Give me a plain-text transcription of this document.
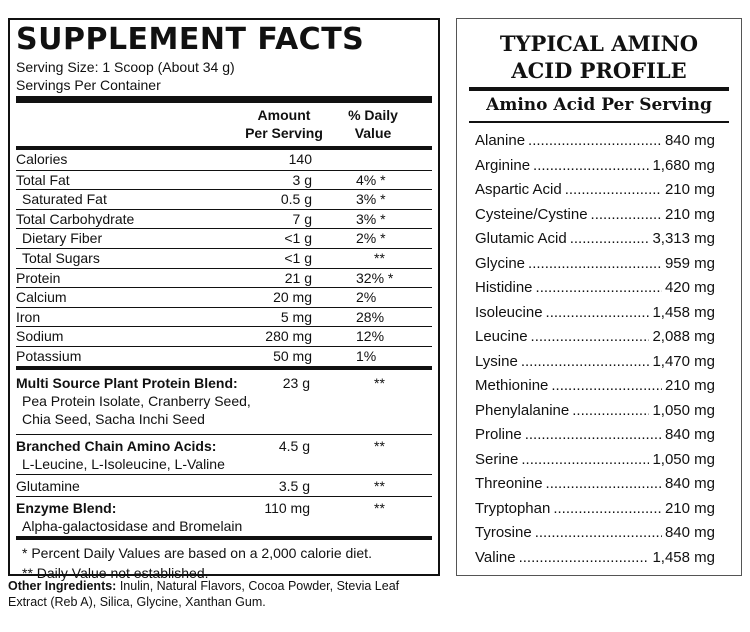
SUPPLEMENT FACTS
Serving Size: 1 Scoop (About 34 g)
Servings Per Container
Amount
Per Serving
% Daily
Value
Calories	140
Total Fat	3 g	4% *
Saturated Fat	0.5 g	3% *
Total Carbohydrate	7 g	3% *
Dietary Fiber	<1 g	2% *
Total Sugars	<1 g	**
Protein	21 g	32% *
Calcium	20 mg	2%
Iron	5 mg	28%
Sodium	280 mg	12%
Potassium	50 mg	1%
Multi Source Plant Protein Blend:	23 g	**
Pea Protein Isolate, Cranberry Seed,
Chia Seed, Sacha Inchi Seed
Branched Chain Amino Acids:	4.5 g	**
L-Leucine, L-Isoleucine, L-Valine
Glutamine	3.5 g	**
Enzyme Blend:	110 mg	**
Alpha-galactosidase and Bromelain
* Percent Daily Values are based on a 2,000 calorie diet.
** Daily Value not established.
Other Ingredients: Inulin, Natural Flavors, Cocoa Powder, Stevia Leaf Extract (Reb A), Silica, Glycine, Xanthan Gum.
TYPICAL AMINO
ACID PROFILE
Amino Acid Per Serving
Alanine .....	840 mg
Arginine .....	1,680 mg
Aspartic Acid .....	210 mg
Cysteine/Cystine .....	210 mg
Glutamic Acid .....	3,313 mg
Glycine .....	959 mg
Histidine .....	420 mg
Isoleucine .....	1,458 mg
Leucine .....	2,088 mg
Lysine .....	1,470 mg
Methionine .....	210 mg
Phenylalanine .....	1,050 mg
Proline .....	840 mg
Serine .....	1,050 mg
Threonine .....	840 mg
Tryptophan .....	210 mg
Tyrosine .....	840 mg
Valine .....	1,458 mg
